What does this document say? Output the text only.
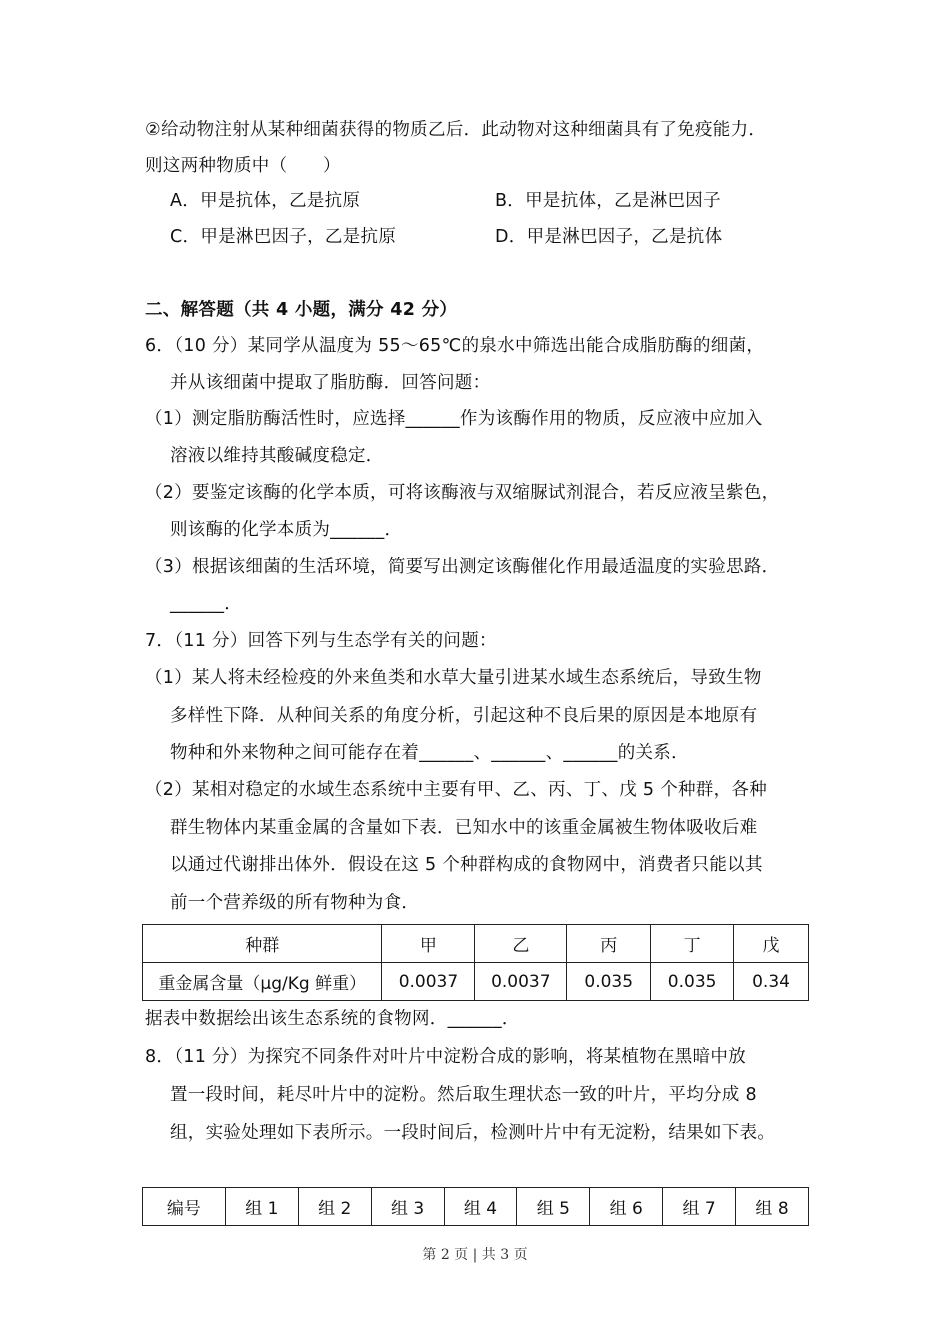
②给动物注射从某种细菌获得的物质乙后．此动物对这种细菌具有了免疫能力．
则这两种物质中（　　）
A．甲是抗体，乙是抗原	B．甲是抗体，乙是淋巴因子
C．甲是淋巴因子，乙是抗原	D．甲是淋巴因子，乙是抗体
二、解答题（共 4 小题，满分 42 分）
6．（10 分）某同学从温度为 55～65℃的泉水中筛选出能合成脂肪酶的细菌，
并从该细菌中提取了脂肪酶．回答问题：
（1）测定脂肪酶活性时，应选择______作为该酶作用的物质，反应液中应加入
溶液以维持其酸碱度稳定．
（2）要鉴定该酶的化学本质，可将该酶液与双缩脲试剂混合，若反应液呈紫色，
则该酶的化学本质为______．
（3）根据该细菌的生活环境，简要写出测定该酶催化作用最适温度的实验思路．
______．
7．（11 分）回答下列与生态学有关的问题：
（1）某人将未经检疫的外来鱼类和水草大量引进某水域生态系统后，导致生物
多样性下降．从种间关系的角度分析，引起这种不良后果的原因是本地原有
物种和外来物种之间可能存在着______、______、______的关系．
（2）某相对稳定的水域生态系统中主要有甲、乙、丙、丁、戊 5 个种群，各种
群生物体内某重金属的含量如下表．已知水中的该重金属被生物体吸收后难
以通过代谢排出体外．假设在这 5 个种群构成的食物网中，消费者只能以其
前一个营养级的所有物种为食．
种群	甲	乙	丙	丁	戊
重金属含量（μg/Kg 鲜重）	0.0037	0.0037	0.035	0.035	0.34
据表中数据绘出该生态系统的食物网．______．
8．（11 分）为探究不同条件对叶片中淀粉合成的影响，将某植物在黑暗中放
置一段时间，耗尽叶片中的淀粉。然后取生理状态一致的叶片，平均分成 8
组，实验处理如下表所示。一段时间后，检测叶片中有无淀粉，结果如下表。
编号	组 1	组 2	组 3	组 4	组 5	组 6	组 7	组 8
第 2 页 | 共 3 页
